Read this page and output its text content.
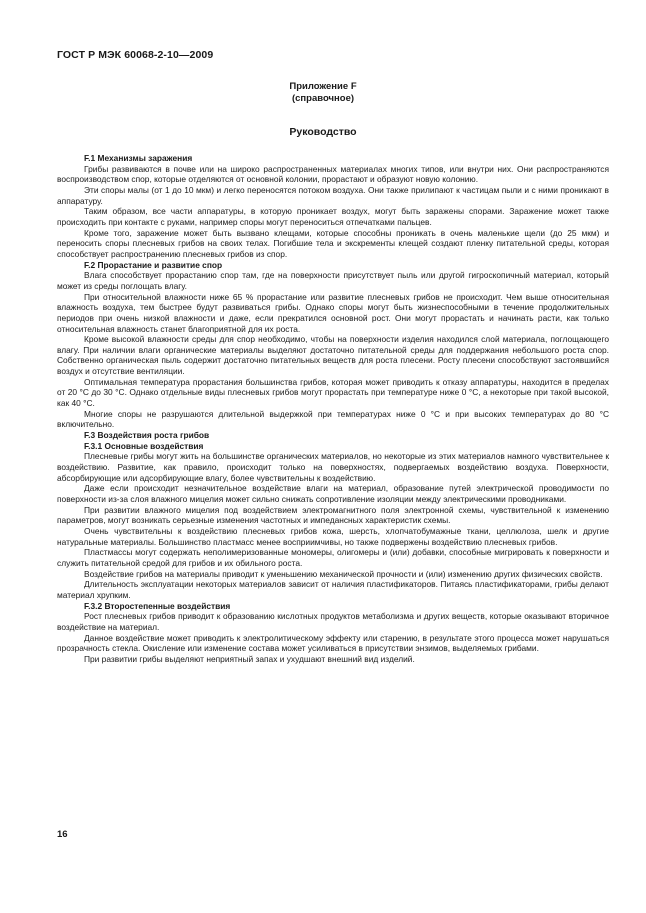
ГОСТ Р МЭК 60068-2-10—2009
Приложение F
(справочное)
Руководство

F.1 Механизмы заражения

Грибы развиваются в почве или на широко распространенных материалах многих типов, или внутри них. Они распространяются воспроизводством спор, которые отделяются от основной колонии, прорастают и образуют новую колонию.

Эти споры малы (от 1 до 10 мкм) и легко переносятся потоком воздуха. Они также прилипают к частицам пыли и с ними проникают в аппаратуру.

Таким образом, все части аппаратуры, в которую проникает воздух, могут быть заражены спорами. Заражение может также происходить при контакте с руками, например споры могут переноситься отпечатками пальцев.

Кроме того, заражение может быть вызвано клещами, которые способны проникать в очень маленькие щели (до 25 мкм) и переносить споры плесневых грибов на своих телах. Погибшие тела и экскременты клещей создают пленку питательной среды, которая способствует распространению плесневых грибов из спор.

F.2 Прорастание и развитие спор

Влага способствует прорастанию спор там, где на поверхности присутствует пыль или другой гигроскопичный материал, который может из среды поглощать влагу.

При относительной влажности ниже 65 % прорастание или развитие плесневых грибов не происходит. Чем выше относительная влажность воздуха, тем быстрее будут развиваться грибы. Однако споры могут быть жизнеспособными в течение продолжительных периодов при очень низкой влажности и даже, если прекратился основной рост. Они могут прорастать и начинать расти, как только относительная влажность станет благоприятной для их роста.

Кроме высокой влажности среды для спор необходимо, чтобы на поверхности изделия находился слой материала, поглощающего влагу. При наличии влаги органические материалы выделяют достаточно питательной среды для поддержания небольшого роста спор. Собственно органическая пыль содержит достаточно питательных веществ для роста плесени. Росту плесени способствуют застоявшийся воздух и отсутствие вентиляции.

Оптимальная температура прорастания большинства грибов, которая может приводить к отказу аппаратуры, находится в пределах от 20 °С до 30 °С. Однако отдельные виды плесневых грибов могут прорастать при температуре ниже 0 °С, а некоторые при такой высокой, как 40 °С.

Многие споры не разрушаются длительной выдержкой при температурах ниже 0 °С и при высоких температурах до 80 °С включительно.

F.3 Воздействия роста грибов

F.3.1 Основные воздействия

Плесневые грибы могут жить на большинстве органических материалов, но некоторые из этих материалов намного чувствительнее к воздействию. Развитие, как правило, происходит только на поверхностях, подвергаемых воздействию воздуха. Поверхности, абсорбирующие или адсорбирующие влагу, более чувствительны к воздействию.

Даже если происходит незначительное воздействие влаги на материал, образование путей электрической проводимости по поверхности из-за слоя влажного мицелия может сильно снижать сопротивление изоляции между электрическими проводниками.

При развитии влажного мицелия под воздействием электромагнитного поля электронной схемы, чувствительной к изменению параметров, могут возникать серьезные изменения частотных и импедансных характеристик схемы.

Очень чувствительны к воздействию плесневых грибов кожа, шерсть, хлопчатобумажные ткани, целлюлоза, шелк и другие натуральные материалы. Большинство пластмасс менее восприимчивы, но также подвержены воздействию плесневых грибов.

Пластмассы могут содержать неполимеризованные мономеры, олигомеры и (или) добавки, способные мигрировать к поверхности и служить питательной средой для грибов и их обильного роста.

Воздействие грибов на материалы приводит к уменьшению механической прочности и (или) изменению других физических свойств.

Длительность эксплуатации некоторых материалов зависит от наличия пластификаторов. Питаясь пластификаторами, грибы делают материал хрупким.

F.3.2 Второстепенные воздействия

Рост плесневых грибов приводит к образованию кислотных продуктов метаболизма и других веществ, которые оказывают вторичное воздействие на материал.

Данное воздействие может приводить к электролитическому эффекту или старению, в результате этого процесса может нарушаться прозрачность стекла. Окисление или изменение состава может усиливаться в присутствии энзимов, выделяемых грибами.

При развитии грибы выделяют неприятный запах и ухудшают внешний вид изделий.

16
